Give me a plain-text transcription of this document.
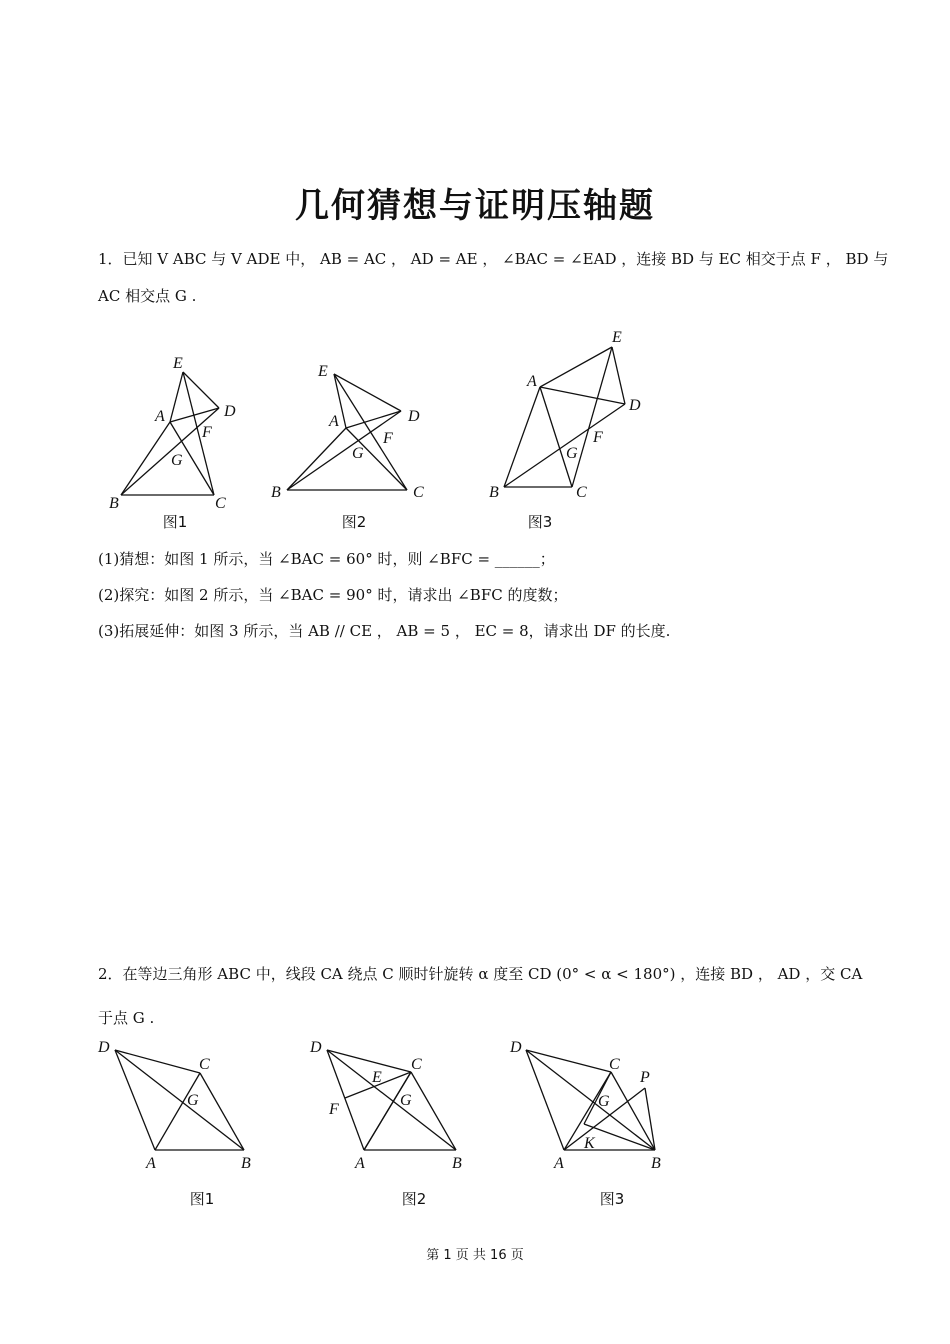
几何猜想与证明压轴题
1．已知 V ABC 与 V ADE 中， AB = AC ， AD = AE ， ∠BAC = ∠EAD ，连接 BD 与 EC 相交于点 F ， BD 与
AC 相交点 G .
E
A	D
F
G
B	C
图1
E
A	D
F
G
B	C
图2
E
A
D
F
G
B	C
图3
(1)猜想：如图 1 所示，当 ∠BAC = 60° 时，则 ∠BFC = ______；
(2)探究：如图 2 所示，当 ∠BAC = 90° 时，请求出 ∠BFC 的度数；
(3)拓展延伸：如图 3 所示，当 AB // CE ， AB = 5 ， EC = 8，请求出 DF 的长度.
2．在等边三角形 ABC 中，线段 CA 绕点 C 顺时针旋转 α 度至 CD (0° < α < 180°) ，连接 BD ， AD ，交 CA
于点 G .
D
C
G
A	B
图1
D
C
E
F
G
A	B
图2
D
C
P
G
K
A	B
图3
第 1 页 共 16 页
